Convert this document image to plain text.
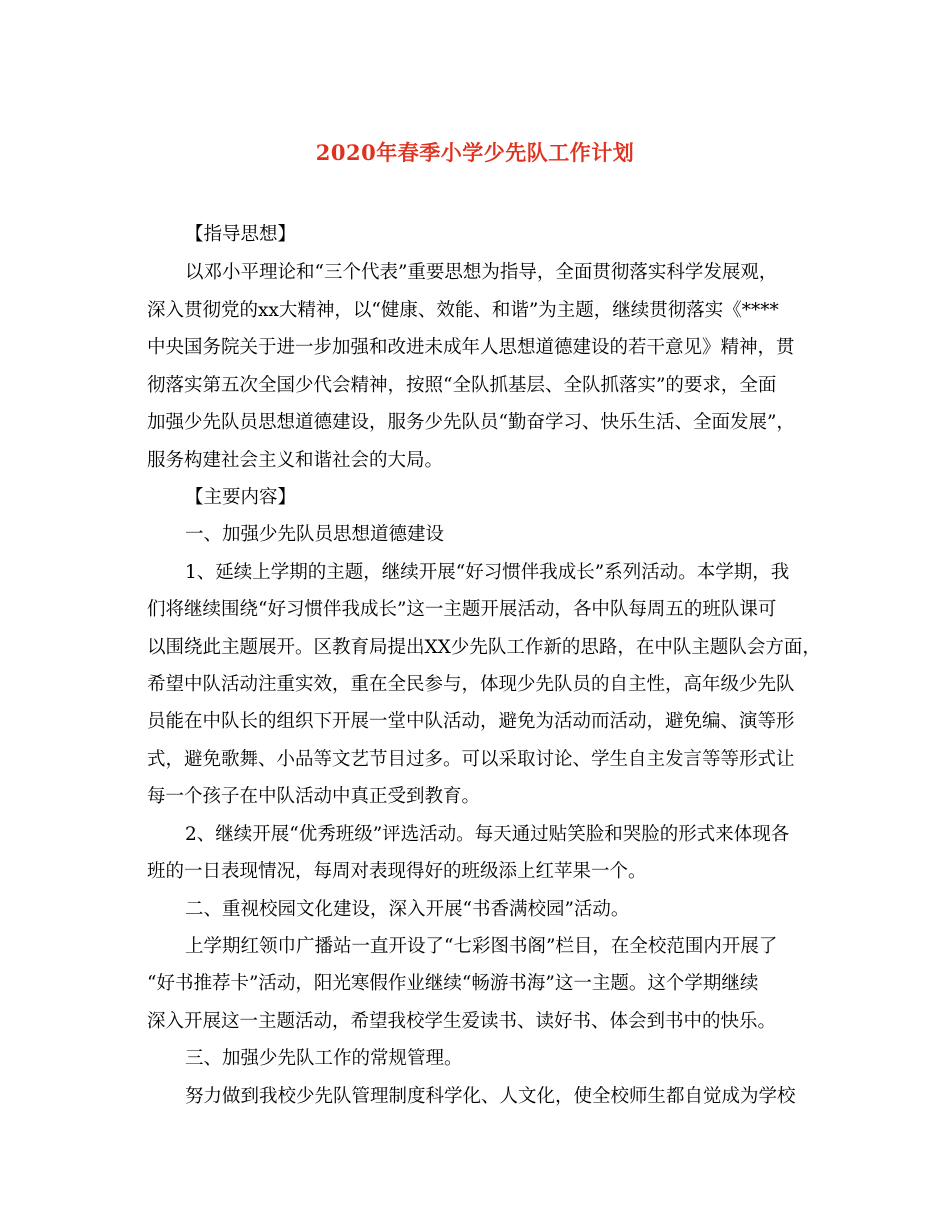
2020年春季小学少先队工作计划
【指导思想】
以邓小平理论和“三个代表”重要思想为指导，全面贯彻落实科学发展观，
深入贯彻党的xx大精神，以“健康、效能、和谐”为主题，继续贯彻落实《****
中央国务院关于进一步加强和改进未成年人思想道德建设的若干意见》精神，贯
彻落实第五次全国少代会精神，按照“全队抓基层、全队抓落实”的要求，全面
加强少先队员思想道德建设，服务少先队员“勤奋学习、快乐生活、全面发展”，
服务构建社会主义和谐社会的大局。
【主要内容】
一、加强少先队员思想道德建设
1、延续上学期的主题，继续开展“好习惯伴我成长”系列活动。本学期，我
们将继续围绕“好习惯伴我成长”这一主题开展活动，各中队每周五的班队课可
以围绕此主题展开。区教育局提出XX少先队工作新的思路，在中队主题队会方面，
希望中队活动注重实效，重在全民参与，体现少先队员的自主性，高年级少先队
员能在中队长的组织下开展一堂中队活动，避免为活动而活动，避免编、演等形
式，避免歌舞、小品等文艺节目过多。可以采取讨论、学生自主发言等等形式让
每一个孩子在中队活动中真正受到教育。
2、继续开展“优秀班级”评选活动。每天通过贴笑脸和哭脸的形式来体现各
班的一日表现情况，每周对表现得好的班级添上红苹果一个。
二、重视校园文化建设，深入开展“书香满校园”活动。
上学期红领巾广播站一直开设了“七彩图书阁”栏目，在全校范围内开展了
“好书推荐卡”活动，阳光寒假作业继续“畅游书海”这一主题。这个学期继续
深入开展这一主题活动，希望我校学生爱读书、读好书、体会到书中的快乐。
三、加强少先队工作的常规管理。
努力做到我校少先队管理制度科学化、人文化，使全校师生都自觉成为学校
